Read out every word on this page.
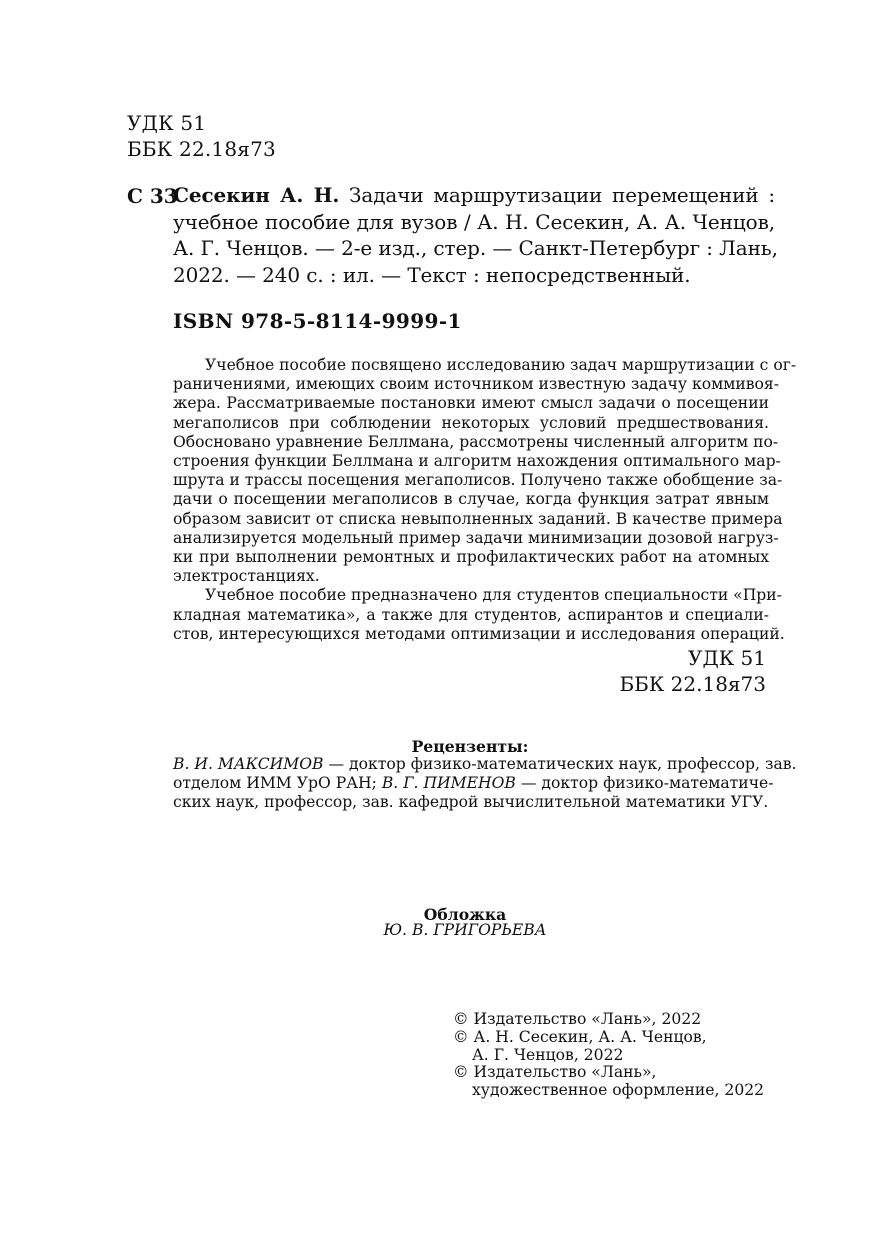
УДК 51
ББК 22.18я73
С 33
Сесекин А. Н. Задачи маршрутизации перемещений :
учебное пособие для вузов / А. Н. Сесекин, А. А. Ченцов,
А. Г. Ченцов. — 2-е изд., стер. — Санкт-Петербург : Лань,
2022. — 240 с. : ил. — Текст : непосредственный.
ISBN 978-5-8114-9999-1
Учебное пособие посвящено исследованию задач маршрутизации с ог-
раничениями, имеющих своим источником известную задачу коммивоя-
жера. Рассматриваемые постановки имеют смысл задачи о посещении
мегаполисов при соблюдении некоторых условий предшествования.
Обосновано уравнение Беллмана, рассмотрены численный алгоритм по-
строения функции Беллмана и алгоритм нахождения оптимального мар-
шрута и трассы посещения мегаполисов. Получено также обобщение за-
дачи о посещении мегаполисов в случае, когда функция затрат явным
образом зависит от списка невыполненных заданий. В качестве примера
анализируется модельный пример задачи минимизации дозовой нагруз-
ки при выполнении ремонтных и профилактических работ на атомных
электростанциях.
Учебное пособие предназначено для студентов специальности «При-
кладная математика», а также для студентов, аспирантов и специали-
стов, интересующихся методами оптимизации и исследования операций.
УДК 51
ББК 22.18я73
Рецензенты:
В. И. МАКСИМОВ — доктор физико-математических наук, профессор, зав.
отделом ИММ УрО РАН; В. Г. ПИМЕНОВ — доктор физико-математиче-
ских наук, профессор, зав. кафедрой вычислительной математики УГУ.
Обложка
Ю. В. ГРИГОРЬЕВА
© Издательство «Лань», 2022
© А. Н. Сесекин, А. А. Ченцов,
А. Г. Ченцов, 2022
© Издательство «Лань»,
художественное оформление, 2022
